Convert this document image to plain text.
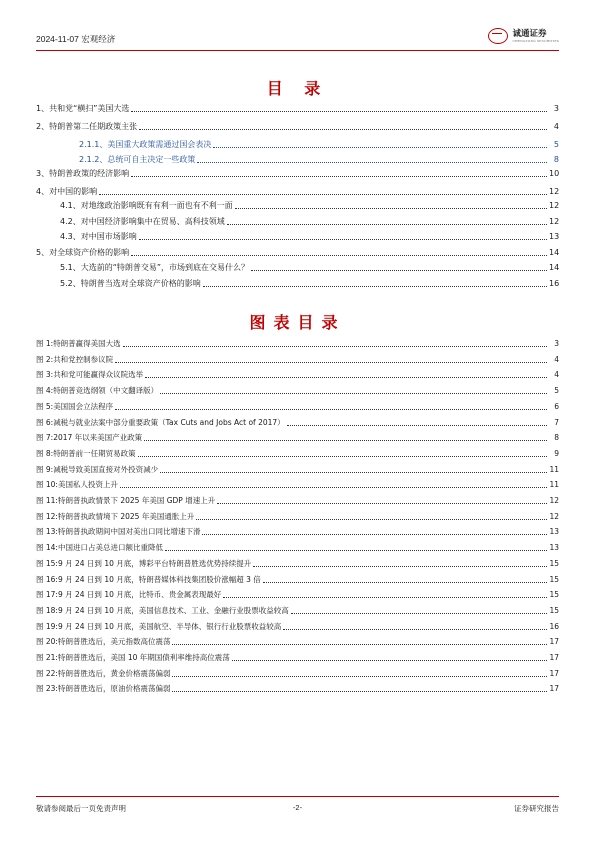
2024-11-07 宏观经济
诚通证券
CHENGTONG SECURITIES
目 录
1、 共和党“横扫”美国大选	3
2、 特朗普第二任期政策主张	4
2.1.1、 美国重大政策需通过国会表决	5
2.1.2、 总统可自主决定一些政策	8
3、 特朗普政策的经济影响	10
4、 对中国的影响	12
4.1、 对地缘政治影响既有有利一面也有不利一面	12
4.2、 对中国经济影响集中在贸易、高科技领域	12
4.3、 对中国市场影响	13
5、 对全球资产价格的影响	14
5.1、 大选前的“特朗普交易”，市场到底在交易什么？	14
5.2、 特朗普当选对全球资产价格的影响	16
图表目录
图 1: 特朗普赢得美国大选	3
图 2: 共和党控制参议院	4
图 3: 共和党可能赢得众议院选举	4
图 4: 特朗普竞选纲领（中文翻译版）	5
图 5: 美国国会立法程序	6
图 6: 减税与就业法案中部分重要政策（Tax Cuts and Jobs Act of 2017）	7
图 7: 2017 年以来美国产业政策	8
图 8: 特朗普前一任期贸易政策	9
图 9: 减税导致美国直接对外投资减少	11
图 10: 美国私人投资上升	11
图 11: 特朗普执政情景下 2025 年美国 GDP 增速上升	12
图 12: 特朗普执政情境下 2025 年美国通胀上升	12
图 13: 特朗普执政期间中国对美出口同比增速下滑	13
图 14: 中国进口占美总进口额比重降低	13
图 15: 9 月 24 日到 10 月底，博彩平台特朗普胜选优势持续提升	15
图 16: 9 月 24 日到 10 月底，特朗普媒体科技集团股价涨幅超 3 倍	15
图 17: 9 月 24 日到 10 月底，比特币、贵金属表现最好	15
图 18: 9 月 24 日到 10 月底，美国信息技术、工业、金融行业股票收益较高	15
图 19: 9 月 24 日到 10 月底，美国航空、半导体、银行行业股票收益较高	16
图 20: 特朗普胜选后，美元指数高位震荡	17
图 21: 特朗普胜选后，美国 10 年期国债利率维持高位震荡	17
图 22: 特朗普胜选后，黄金价格震荡偏弱	17
图 23: 特朗普胜选后，原油价格震荡偏弱	17
敬请参阅最后一页免责声明	-2-	证券研究报告
